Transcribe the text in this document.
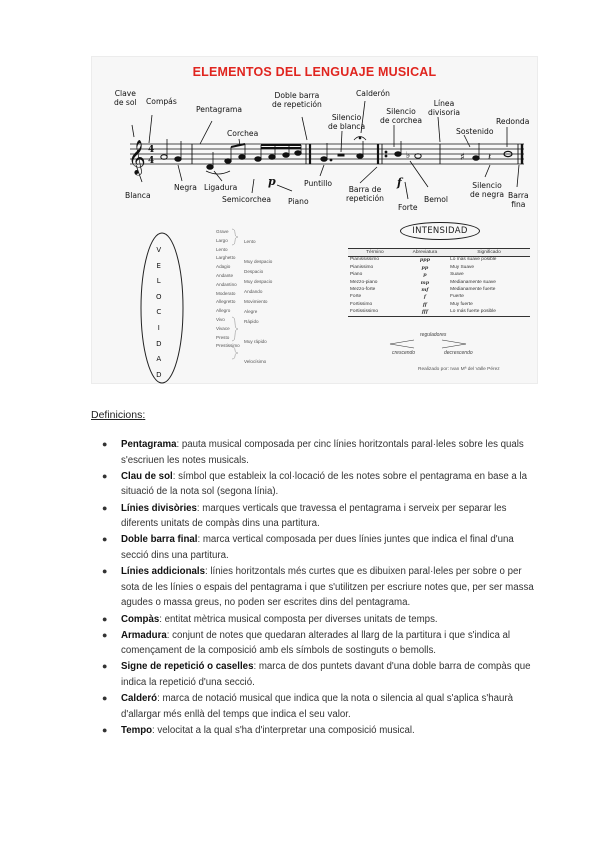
ELEMENTOS DEL LENGUAJE MUSICAL
𝄞 4
4	♭	♯ 𝄽
p	f
Clave
de sol Compás
Pentagrama
Corchea
Doble barra
de repetición
Calderón
Silencio
de blanca
Silencio
de corchea
Línea
divisoria
Sostenido
Redonda
Blanca
Negra Ligadura
Semicorchea Piano
Puntillo
Barra de
repetición
Forte
Bemol
Silencio
de negra Barra
fina
V
E
L
O
C
I
D
A
D
Grave
Largo
Lento
Larghetto
Adagio
Andante
Andantino
Moderato
Allegretto
Allegro
Vivo
Vivace
Presto
Prestissimo
Lento
Muy despacio
Despacio
Muy despacio
Andando
Movimiento
Alegre
Rápido
Muy rápido
Velocísimo
INTENSIDAD
Término	Abreviatura	Significado
Pianississimo	ppp	Lo más suave posible
Pianissimo	pp	Muy Suave
Piano	p	Suave
Mezzo-piano	mp	Medianamente suave
Mezzo-forte	mf	Medianamente fuerte
Forte	f	Fuerte
Fortissimo	ff	Muy fuerte
Fortississimo	fff	Lo más fuerte posible
reguladores
crescendo	decrescendo
Realizado por: Ivan Mª del Valle Pérez
Definicions:
● Pentagrama: pauta musical composada per cinc línies horitzontals paral·leles sobre les quals s'escriuen les notes musicals.
● Clau de sol: símbol que estableix la col·locació de les notes sobre el pentagrama en base a la situació de la nota sol (segona línia).
● Línies divisòries: marques verticals que travessa el pentagrama i serveix per separar les diferents unitats de compàs dins una partitura.
● Doble barra final: marca vertical composada per dues línies juntes que indica el final d'una secció dins una partitura.
● Línies addicionals: línies horitzontals més curtes que es dibuixen paral·leles per sobre o per sota de les línies o espais del pentagrama i que s'utilitzen per escriure notes que, per ser massa agudes o massa greus, no poden ser escrites dins del pentagrama.
● Compàs: entitat mètrica musical composta per diverses unitats de temps.
● Armadura: conjunt de notes que quedaran alterades al llarg de la partitura i que s'indica al començament de la composició amb els símbols de sostinguts o bemolls.
● Signe de repetició o caselles: marca de dos puntets davant d'una doble barra de compàs que indica la repetició d'una secció.
● Calderó: marca de notació musical que indica que la nota o silencia al qual s'aplica s'haurà d'allargar més enllà del temps que indica el seu valor.
● Tempo: velocitat a la qual s'ha d'interpretar una composició musical.
